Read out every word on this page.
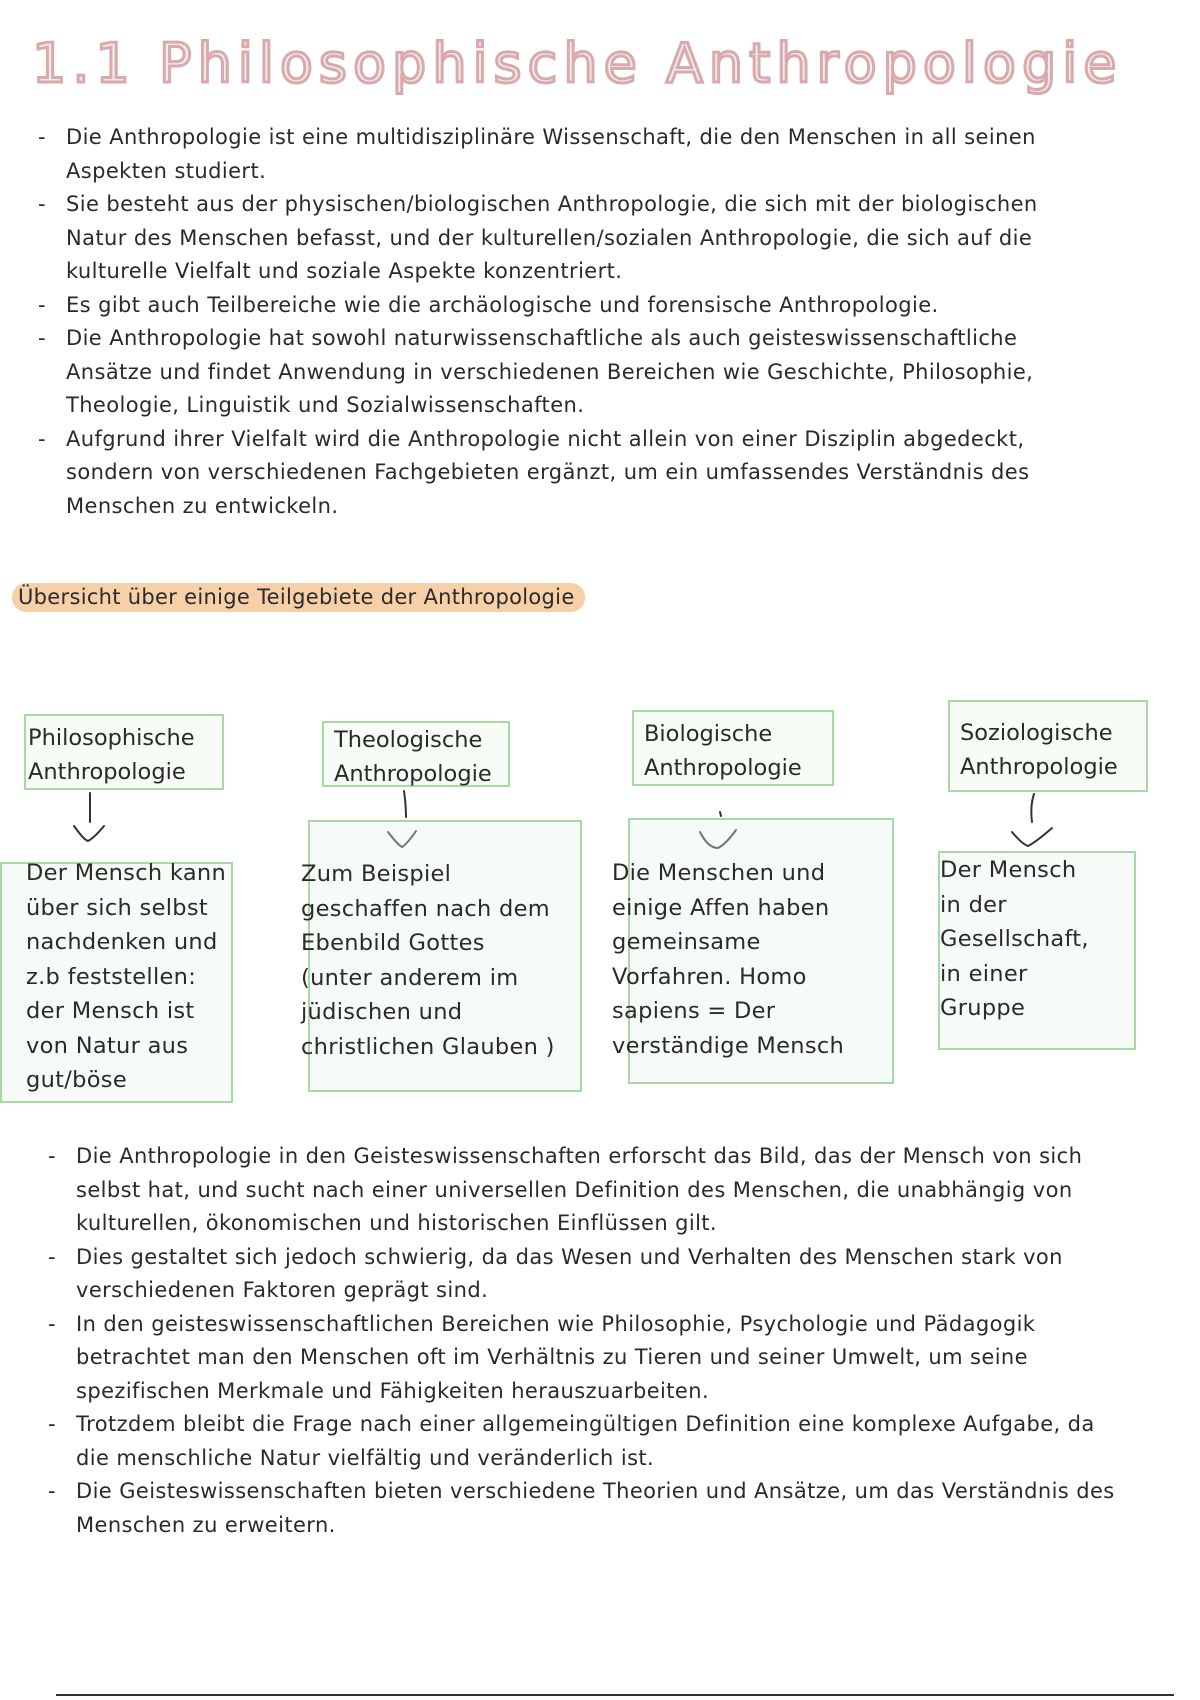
1.1 Philosophische Anthropologie
- Die Anthropologie ist eine multidisziplinäre Wissenschaft, die den Menschen in all seinen
Aspekten studiert.
- Sie besteht aus der physischen/biologischen Anthropologie, die sich mit der biologischen
Natur des Menschen befasst, und der kulturellen/sozialen Anthropologie, die sich auf die
kulturelle Vielfalt und soziale Aspekte konzentriert.
- Es gibt auch Teilbereiche wie die archäologische und forensische Anthropologie.
- Die Anthropologie hat sowohl naturwissenschaftliche als auch geisteswissenschaftliche
Ansätze und findet Anwendung in verschiedenen Bereichen wie Geschichte, Philosophie,
Theologie, Linguistik und Sozialwissenschaften.
- Aufgrund ihrer Vielfalt wird die Anthropologie nicht allein von einer Disziplin abgedeckt,
sondern von verschiedenen Fachgebieten ergänzt, um ein umfassendes Verständnis des
Menschen zu entwickeln.
Übersicht über einige Teilgebiete der Anthropologie
Philosophische
Anthropologie
Theologische
Anthropologie
Biologische
Anthropologie
Soziologische
Anthropologie

Der Mensch kann
über sich selbst
nachdenken und
z.b feststellen:
der Mensch ist
von Natur aus
gut/böse

Zum Beispiel
geschaffen nach dem
Ebenbild Gottes
(unter anderem im
jüdischen und
christlichen Glauben )

Die Menschen und
einige Affen haben
gemeinsame
Vorfahren. Homo
sapiens = Der
verständige Mensch

Der Mensch
in der
Gesellschaft,
in einer
Gruppe

- Die Anthropologie in den Geisteswissenschaften erforscht das Bild, das der Mensch von sich
selbst hat, und sucht nach einer universellen Definition des Menschen, die unabhängig von
kulturellen, ökonomischen und historischen Einflüssen gilt.
- Dies gestaltet sich jedoch schwierig, da das Wesen und Verhalten des Menschen stark von
verschiedenen Faktoren geprägt sind.
- In den geisteswissenschaftlichen Bereichen wie Philosophie, Psychologie und Pädagogik
betrachtet man den Menschen oft im Verhältnis zu Tieren und seiner Umwelt, um seine
spezifischen Merkmale und Fähigkeiten herauszuarbeiten.
- Trotzdem bleibt die Frage nach einer allgemeingültigen Definition eine komplexe Aufgabe, da
die menschliche Natur vielfältig und veränderlich ist.
- Die Geisteswissenschaften bieten verschiedene Theorien und Ansätze, um das Verständnis des
Menschen zu erweitern.
